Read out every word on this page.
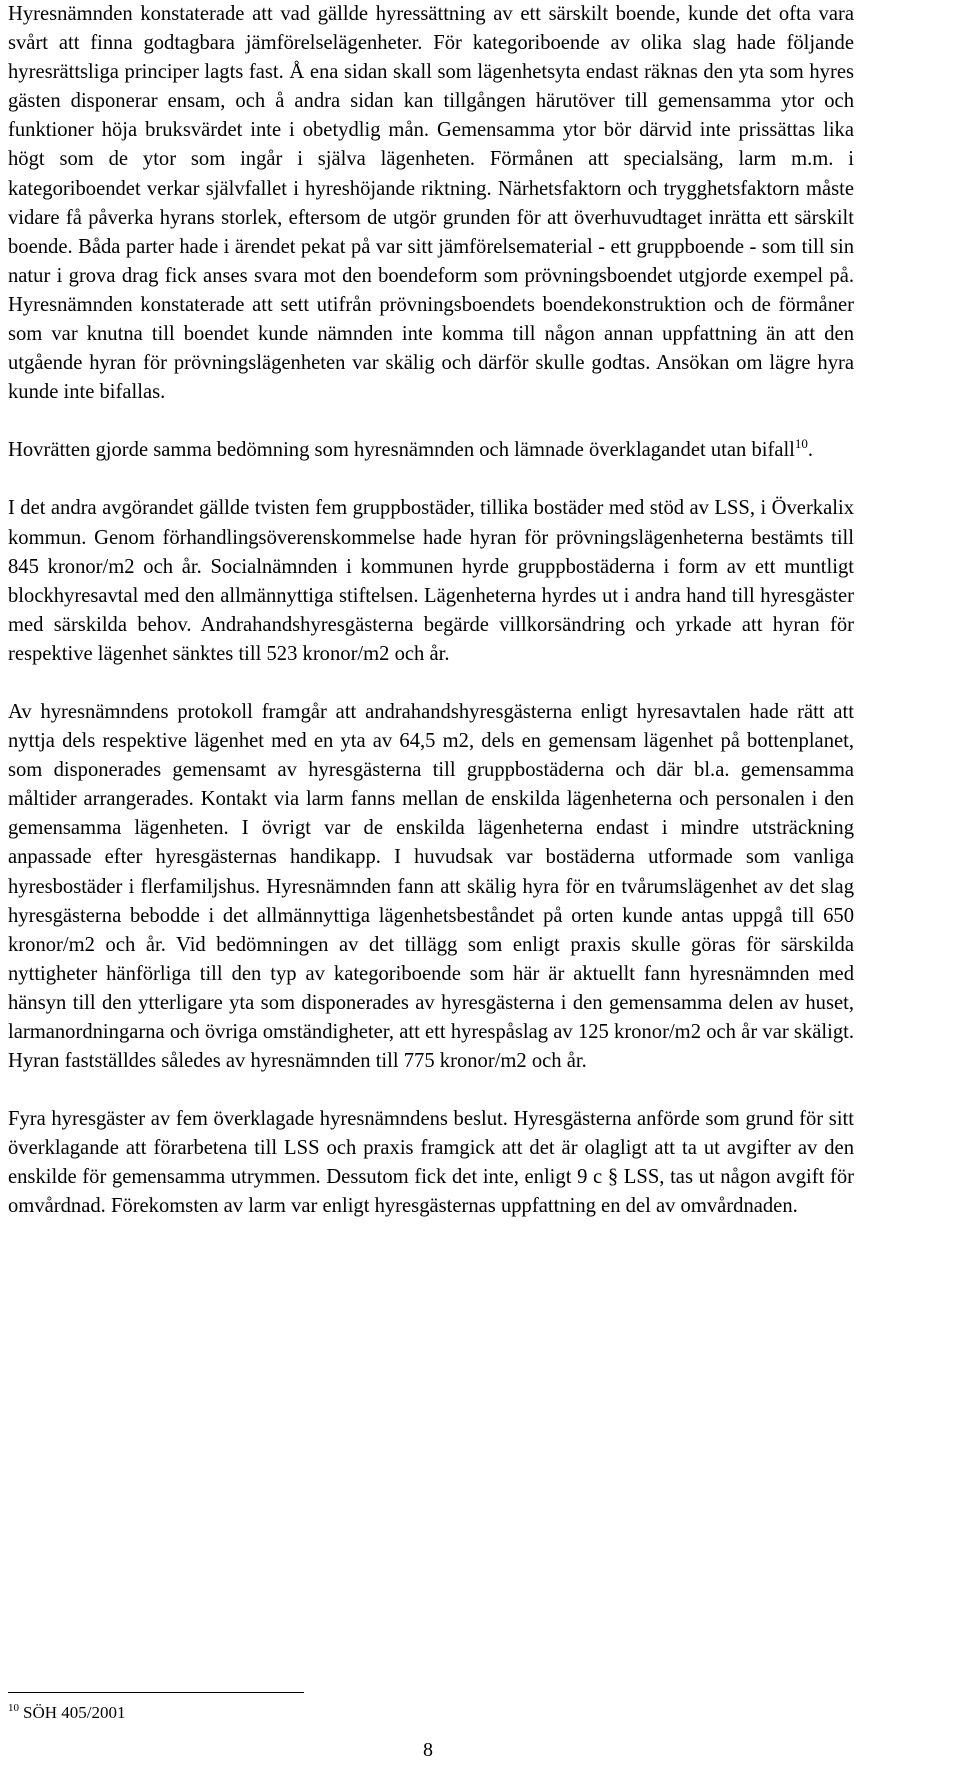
Hyresnämnden konstaterade att vad gällde hyressättning av ett särskilt boende, kunde det ofta vara svårt att finna godtagbara jämförelselägenheter. För kategoriboende av olika slag hade följande hyresrättsliga principer lagts fast. Å ena sidan skall som lägenhetsyta endast räknas den yta som hyres gästen disponerar ensam, och å andra sidan kan tillgången härutöver till gemensamma ytor och funktioner höja bruksvärdet inte i obetydlig mån. Gemensamma ytor bör därvid inte prissättas lika högt som de ytor som ingår i själva lägenheten. Förmånen att specialsäng, larm m.m. i kategoriboendet verkar självfallet i hyreshöjande riktning. Närhetsfaktorn och trygghetsfaktorn måste vidare få påverka hyrans storlek, eftersom de utgör grunden för att överhuvudtaget inrätta ett särskilt boende. Båda parter hade i ärendet pekat på var sitt jämförelsematerial - ett gruppboende - som till sin natur i grova drag fick anses svara mot den boendeform som prövningsboendet utgjorde exempel på. Hyresnämnden konstaterade att sett utifrån prövningsboendets boendekonstruktion och de förmåner som var knutna till boendet kunde nämnden inte komma till någon annan uppfattning än att den utgående hyran för prövningslägenheten var skälig och därför skulle godtas. Ansökan om lägre hyra kunde inte bifallas.

Hovrätten gjorde samma bedömning som hyresnämnden och lämnade överklagandet utan bifall$^{10}$.

I det andra avgörandet gällde tvisten fem gruppbostäder, tillika bostäder med stöd av LSS, i Överkalix kommun. Genom förhandlingsöverenskommelse hade hyran för prövningslägenheterna bestämts till 845 kronor/m2 och år. Socialnämnden i kommunen hyrde gruppbostäderna i form av ett muntligt blockhyresavtal med den allmännyttiga stiftelsen. Lägenheterna hyrdes ut i andra hand till hyresgäster med särskilda behov. Andrahandshyresgästerna begärde villkorsändring och yrkade att hyran för respektive lägenhet sänktes till 523 kronor/m2 och år.

Av hyresnämndens protokoll framgår att andrahandshyresgästerna enligt hyresavtalen hade rätt att nyttja dels respektive lägenhet med en yta av 64,5 m2, dels en gemensam lägenhet på bottenplanet, som disponerades gemensamt av hyresgästerna till gruppbostäderna och där bl.a. gemensamma måltider arrangerades. Kontakt via larm fanns mellan de enskilda lägenheterna och personalen i den gemensamma lägenheten. I övrigt var de enskilda lägenheterna endast i mindre utsträckning anpassade efter hyresgästernas handikapp. I huvudsak var bostäderna utformade som vanliga hyresbostäder i flerfamiljshus. Hyresnämnden fann att skälig hyra för en tvårumslägenhet av det slag hyresgästerna bebodde i det allmännyttiga lägenhetsbeståndet på orten kunde antas uppgå till 650 kronor/m2 och år. Vid bedömningen av det tillägg som enligt praxis skulle göras för särskilda nyttigheter hänförliga till den typ av kategoriboende som här är aktuellt fann hyresnämnden med hänsyn till den ytterligare yta som disponerades av hyresgästerna i den gemensamma delen av huset, larmanordningarna och övriga omständigheter, att ett hyrespåslag av 125 kronor/m2 och år var skäligt. Hyran fastställdes således av hyresnämnden till 775 kronor/m2 och år.

Fyra hyresgäster av fem överklagade hyresnämndens beslut. Hyresgästerna anförde som grund för sitt överklagande att förarbetena till LSS och praxis framgick att det är olagligt att ta ut avgifter av den enskilde för gemensamma utrymmen. Dessutom fick det inte, enligt 9 c § LSS, tas ut någon avgift för omvårdnad. Förekomsten av larm var enligt hyresgästernas uppfattning en del av omvårdnaden.

$^{10}$ SÖH 405/2001
8
